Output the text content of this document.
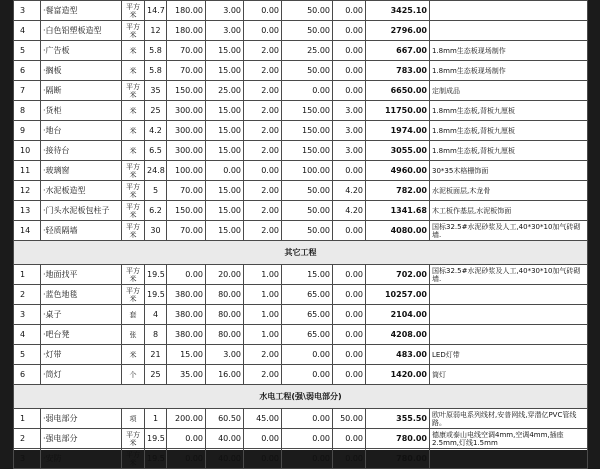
3	·餐富造型	平方米	14.7	180.00	3.00	0.00	50.00	0.00	3425.10	
4	·白色铝塑板造型	平方米	12	180.00	3.00	0.00	50.00	0.00	2796.00	
5	·广告板	米	5.8	70.00	15.00	2.00	25.00	0.00	667.00	1.8mm生态板现场制作
6	·搁板	米	5.8	70.00	15.00	2.00	50.00	0.00	783.00	1.8mm生态板现场制作
7	·隔断	平方米	35	150.00	25.00	2.00	0.00	0.00	6650.00	定制成品
8	·货柜	米	25	300.00	15.00	2.00	150.00	3.00	11750.00	1.8mm生态板,背板九厘板
9	·地台	米	4.2	300.00	15.00	2.00	150.00	3.00	1974.00	1.8mm生态板,背板九厘板
10	·接待台	米	6.5	300.00	15.00	2.00	150.00	3.00	3055.00	1.8mm生态板,背板九厘板
11	·玻璃窗	平方米	24.8	100.00	0.00	0.00	100.00	0.00	4960.00	30*35木格栅饰面
12	·水泥板造型	平方米	5	70.00	15.00	2.00	50.00	4.20	782.00	水泥板面层,木龙骨
13	·门头水泥板包柱子	平方米	6.2	150.00	15.00	2.00	50.00	4.20	1341.68	木工板作基层,水泥板饰面
14	·轻质隔墙	平方米	30	70.00	15.00	2.00	50.00	0.00	4080.00	国标32.5#水泥砂浆及人工,40*30*10加气砖砌墙.
其它工程										
1	·地面找平	平方米	19.5	0.00	20.00	1.00	15.00	0.00	702.00	国标32.5#水泥砂浆及人工,40*30*10加气砖砌墙.
2	·蓝色地毯	平方米	19.5	380.00	80.00	1.00	65.00	0.00	10257.00	
3	·桌子	套	4	380.00	80.00	1.00	65.00	0.00	2104.00	
4	·吧台凳	张	8	380.00	80.00	1.00	65.00	0.00	4208.00	
5	·灯带	米	21	15.00	3.00	2.00	0.00	0.00	483.00	LED灯带
6	·筒灯	个	25	35.00	16.00	2.00	0.00	0.00	1420.00	筒灯
水电工程(强\弱电部分)										
1	·弱电部分	项	1	200.00	60.50	45.00	0.00	50.00	355.50	欧叶原弱电系列线材,安普网线,穿潜亿PVC管线路。
2	·强电部分	平方米	19.5	0.00	40.00	0.00	0.00	0.00	780.00	德康或泰山电线空调4mm,空调4mm,插座2.5mm,灯线1.5mm
3	·安防	平方米	19.5	0.00	40.00	0.00	0.00	0.00	780.00	
